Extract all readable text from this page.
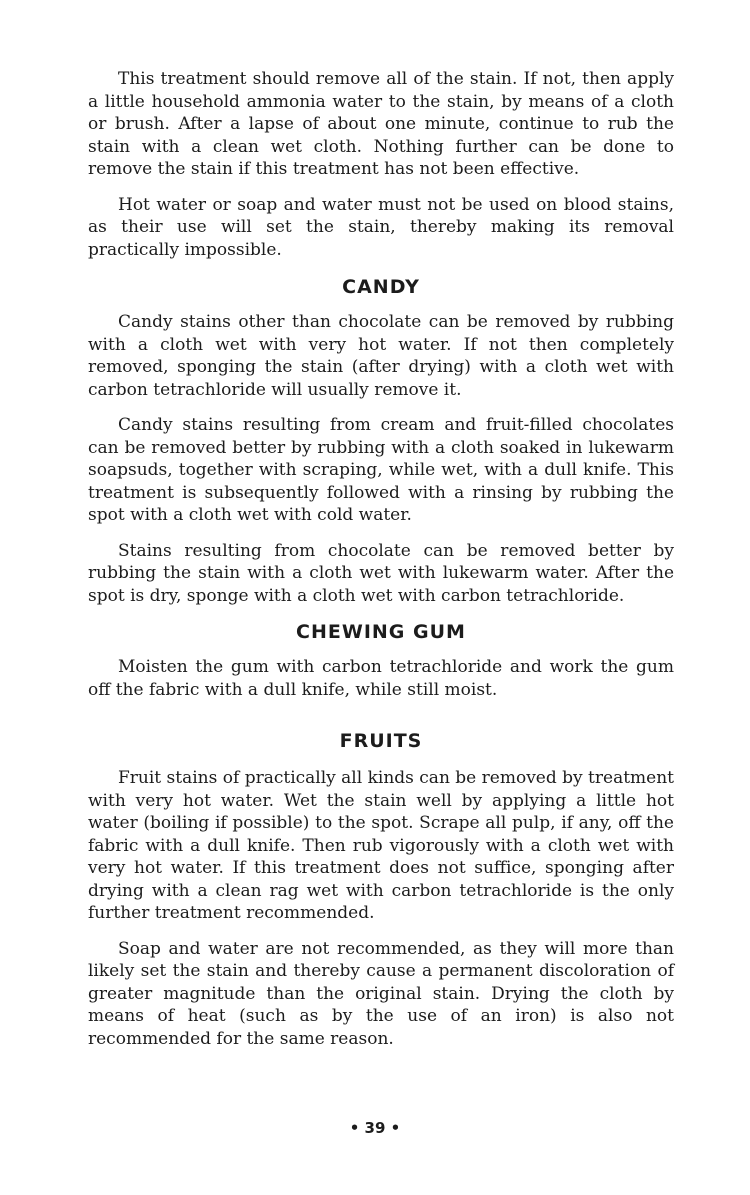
This treatment should remove all of the stain. If not, then apply a little household ammonia water to the stain, by means of a cloth or brush. After a lapse of about one minute, continue to rub the stain with a clean wet cloth. Nothing further can be done to remove the stain if this treatment has not been effective.

Hot water or soap and water must not be used on blood stains, as their use will set the stain, thereby making its removal practically impossible.

CANDY

Candy stains other than chocolate can be removed by rubbing with a cloth wet with very hot water. If not then completely removed, sponging the stain (after drying) with a cloth wet with carbon tetrachloride will usually remove it.

Candy stains resulting from cream and fruit-filled chocolates can be removed better by rubbing with a cloth soaked in lukewarm soapsuds, together with scraping, while wet, with a dull knife. This treatment is subsequently followed with a rinsing by rubbing the spot with a cloth wet with cold water.

Stains resulting from chocolate can be removed better by rubbing the stain with a cloth wet with lukewarm water. After the spot is dry, sponge with a cloth wet with carbon tetrachloride.

CHEWING GUM

Moisten the gum with carbon tetrachloride and work the gum off the fabric with a dull knife, while still moist.

FRUITS

Fruit stains of practically all kinds can be removed by treatment with very hot water. Wet the stain well by applying a little hot water (boiling if possible) to the spot. Scrape all pulp, if any, off the fabric with a dull knife. Then rub vigorously with a cloth wet with very hot water. If this treatment does not suffice, sponging after drying with a clean rag wet with carbon tetrachloride is the only further treatment recommended.

Soap and water are not recommended, as they will more than likely set the stain and thereby cause a permanent discoloration of greater magnitude than the original stain. Drying the cloth by means of heat (such as by the use of an iron) is also not recommended for the same reason.

• 39 •
